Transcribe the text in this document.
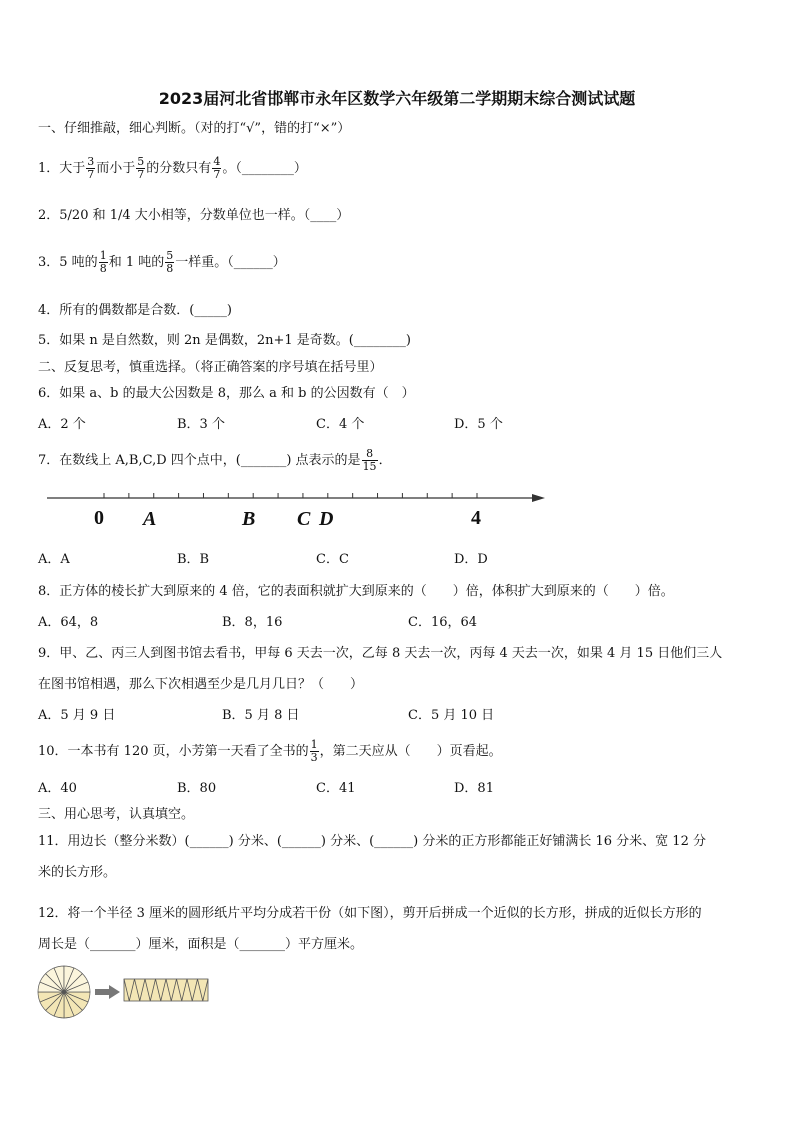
2023届河北省邯郸市永年区数学六年级第二学期期末综合测试试题
一、仔细推敲，细心判断。（对的打“√”，错的打“×”）
1．大于 $\frac{3}{7}$ 而小于 $\frac{5}{7}$ 的分数只有 $\frac{4}{7}$ 。（________）
2．5/20 和 1/4 大小相等，分数单位也一样。（____）
3．5 吨的 $\frac{1}{8}$ 和 1 吨的 $\frac{5}{8}$ 一样重。（______）
4．所有的偶数都是合数．(_____)
5．如果 n 是自然数，则 2n 是偶数，2n+1 是奇数。(________)
二、反复思考，慎重选择。（将正确答案的序号填在括号里）
6．如果 a、b 的最大公因数是 8，那么 a 和 b 的公因数有（　）
A．2 个	B．3 个	C．4 个	D．5 个
7．在数线上 A,B,C,D 四个点中，(_______) 点表示的是 $\frac{8}{15}$ ．
0 A	B C D	4
A．A	B．B	C．C	D．D
8．正方体的棱长扩大到原来的 4 倍，它的表面积就扩大到原来的（　　）倍，体积扩大到原来的（　　）倍。
A．64，8	B．8，16	C．16，64
9．甲、乙、丙三人到图书馆去看书，甲每 6 天去一次，乙每 8 天去一次，丙每 4 天去一次，如果 4 月 15 日他们三人
在图书馆相遇，那么下次相遇至少是几月几日？（　　）
A．5 月 9 日	B．5 月 8 日	C．5 月 10 日
10．一本书有 120 页，小芳第一天看了全书的 $\frac{1}{3}$ ，第二天应从（　　）页看起。
A．40	B．80	C．41	D．81
三、用心思考，认真填空。
11．用边长（整分米数）(______) 分米、(______) 分米、(______) 分米的正方形都能正好铺满长 16 分米、宽 12 分
米的长方形。
12．将一个半径 3 厘米的圆形纸片平均分成若干份（如下图），剪开后拼成一个近似的长方形，拼成的近似长方形的
周长是（_______）厘米，面积是（_______）平方厘米。
